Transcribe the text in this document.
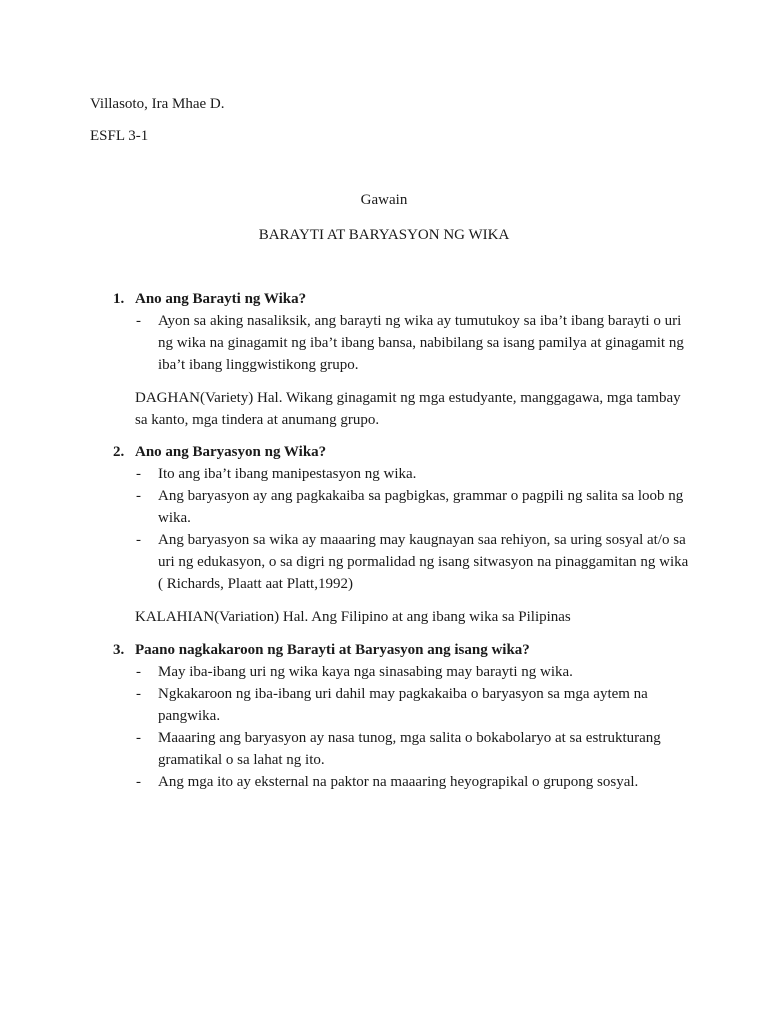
Villasoto, Ira Mhae D.
ESFL 3-1
Gawain
BARAYTI AT BARYASYON NG WIKA
1. Ano ang Barayti ng Wika?
- Ayon sa aking nasaliksik, ang barayti ng wika ay tumutukoy sa iba’t ibang barayti o uri ng wika na ginagamit ng iba’t ibang bansa, nabibilang sa isang pamilya at ginagamit ng iba’t ibang linggwistikong grupo.
DAGHAN(Variety) Hal. Wikang ginagamit ng mga estudyante, manggagawa, mga tambay sa kanto, mga tindera at anumang grupo.
2. Ano ang Baryasyon ng Wika?
- Ito ang iba’t ibang manipestasyon ng wika.
- Ang baryasyon ay ang pagkakaiba sa pagbigkas, grammar o pagpili ng salita sa loob ng wika.
- Ang baryasyon sa wika ay maaaring may kaugnayan saa rehiyon, sa uring sosyal at/o sa uri ng edukasyon, o sa digri ng pormalidad ng isang sitwasyon na pinaggamitan ng wika ( Richards, Plaatt aat Platt,1992)
KALAHIAN(Variation) Hal. Ang Filipino at ang ibang wika sa Pilipinas
3. Paano nagkakaroon ng Barayti at Baryasyon ang isang wika?
- May iba-ibang uri ng wika kaya nga sinasabing may barayti ng wika.
- Ngkakaroon ng iba-ibang uri dahil may pagkakaiba o baryasyon sa mga aytem na pangwika.
- Maaaring ang baryasyon ay nasa tunog, mga salita o bokabolaryo at sa estrukturang gramatikal o sa lahat ng ito.
- Ang mga ito ay eksternal na paktor na maaaring heyograpikal o grupong sosyal.
